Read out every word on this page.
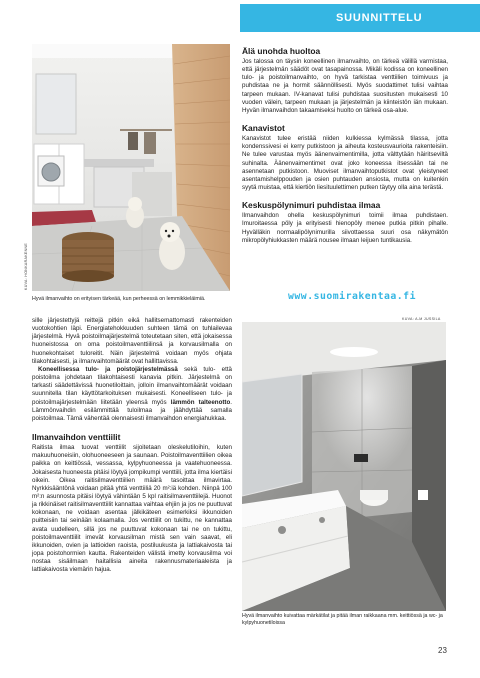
SUUNNITTELU
KUVA: HONKARAKENNE
Hyvä ilmanvaihto on erityisen tärkeää, kun perheessä on lemmikkieläimiä.
Älä unohda huoltoa
Jos talossa on täysin koneellinen ilmanvaihto, on tärkeä välillä varmistaa, että järjestelmän säädöt ovat tasapainossa. Mikäli kodissa on koneellinen tulo- ja poistoilmanvaihto, on hyvä tarkistaa venttiilien toimivuus ja puhdistaa ne ja hormit säännöllisesti. Myös suodattimet tulisi vaihtaa tarpeen mukaan. IV-kanavat tulisi puhdistaa suositusten mukaisesti 10 vuoden välein, tarpeen mukaan ja järjestelmän ja kiinteistön iän mukaan. Hyvän ilmanvaihdon takaamiseksi huolto on tärkeä osa-alue.
Kanavistot
Kanavistot tulee eristää niiden kulkiessa kylmässä tilassa, jotta kondenssivesi ei kerry putkistoon ja aiheuta kosteusvaurioita rakenteisiin. Ne tulee varustaa myös äänenvaimentimilla, jotta välttytään häiritseviltä suhinalta. Äänenvaimentimet ovat joko koneessa itsessään tai ne asennetaan putkistoon. Muoviset ilmanvaihtoputkistot ovat yleistyneet asentamishelppouden ja osien puhtauden ansiosta, mutta on kuitenkin syytä muistaa, että kiertiön liesituulettimen putken täytyy olla aina terästä.
Keskuspölynimuri puhdistaa ilmaa
Ilmanvaihdon ohella keskuspölynimuri toimii ilmaa puhdistaen. Imuroitaessa pöly ja erityisesti hienopöly menee putkia pitkin pihalle. Hyvälläkin normaalipölynimurilla siivottaessa suuri osa näkymätön mikropölyhiukkasten määrä nousee ilmaan leijuen tuntikausia.
www.suomirakentaa.fi
KUVA: A-M JUSSILA
Hyvä ilmanvaihto kuivattaa märkätilat ja pitää ilman raikkaana mm. keittiössä ja wc- ja kylpyhuonetiloissa
sille järjestettyjä reittejä pitkin eikä hallitsemattomasti rakenteiden vuotokohtien läpi. Energiatehokkuuden suhteen tämä on tuhlailevaa järjestelmä. Hyvä poistoilmajärjestelmä toteutetaan siten, että jokaisessa huoneistossa on oma poistoilmaventtiilinsä ja korvausilmalla on huonekohtaiset tuloreitit. Näin järjestelmä voidaan myös ohjata tilakohtaisesti, ja ilmanvaihtomäärät ovat hallittavissa.
Koneellisessa tulo- ja poistojärjestelmässä sekä tulo- että poistoilma johdetaan tilakohtaisesti kanavia pitkin. Järjestelmä on tarkasti säädettävissä huonetiloittain, jolloin ilmanvaihtomäärät voidaan suunnitella tilan käyttötarkoituksen mukaisesti. Koneelliseen tulo- ja poistoilmajärjestelmään liitetään yleensä myös lämmön talteenotto. Lämmönvaihdin esilämmittää tuloilmaa ja jäähdyttää samalla poistoilmaa. Tämä vähentää olennaisesti ilmanvaihdon energiahukkaa.
Ilmanvaihdon venttiilit
Raitista ilmaa tuovat venttiilit sijoitetaan oleskelutiloihin, kuten makuuhuoneisiin, olohuoneeseen ja saunaan. Poistoilmaventtiilien oikea paikka on keittiössä, vessassa, kylpyhuoneessa ja vaatehuoneessa. Jokaisesta huoneesta pitäisi löytyä jompikumpi venttiili, jotta ilma kiertäisi oikein. Oikea raitisilmaventtiilien määrä tasoittaa ilmavirtaa. Nyrkkisääntönä voidaan pitää yhtä venttiiliä 20 m²:iä kohden. Niinpä 100 m²:n asunnosta pitäisi löytyä vähintään 5 kpl raitisilmaventtiilejä. Huonot ja rikkinäiset raitisilmaventtiilit kannattaa vaihtaa ehjiin ja jos ne puuttuvat kokonaan, ne voidaan asentaa jälkikäteen esimerkiksi ikkunoiden puitteisiin tai seinään kolaamalla. Jos venttiilit on tukittu, ne kannattaa avata uudelleen, sillä jos ne puuttuvat kokonaan tai ne on tukittu, poistoilmaventtiilit imevät korvausilman mistä sen vain saavat, eli ikkunoiden, ovien ja lattioiden raoista, postiluukusta ja lattiakaivosta tai jopa poistohormien kautta. Rakenteiden välistä imetty korvausilma voi nostaa sisäilmaan haitallisia aineita rakennusmateriaaleista ja lattiakaivosta viemärin hajua.
23
